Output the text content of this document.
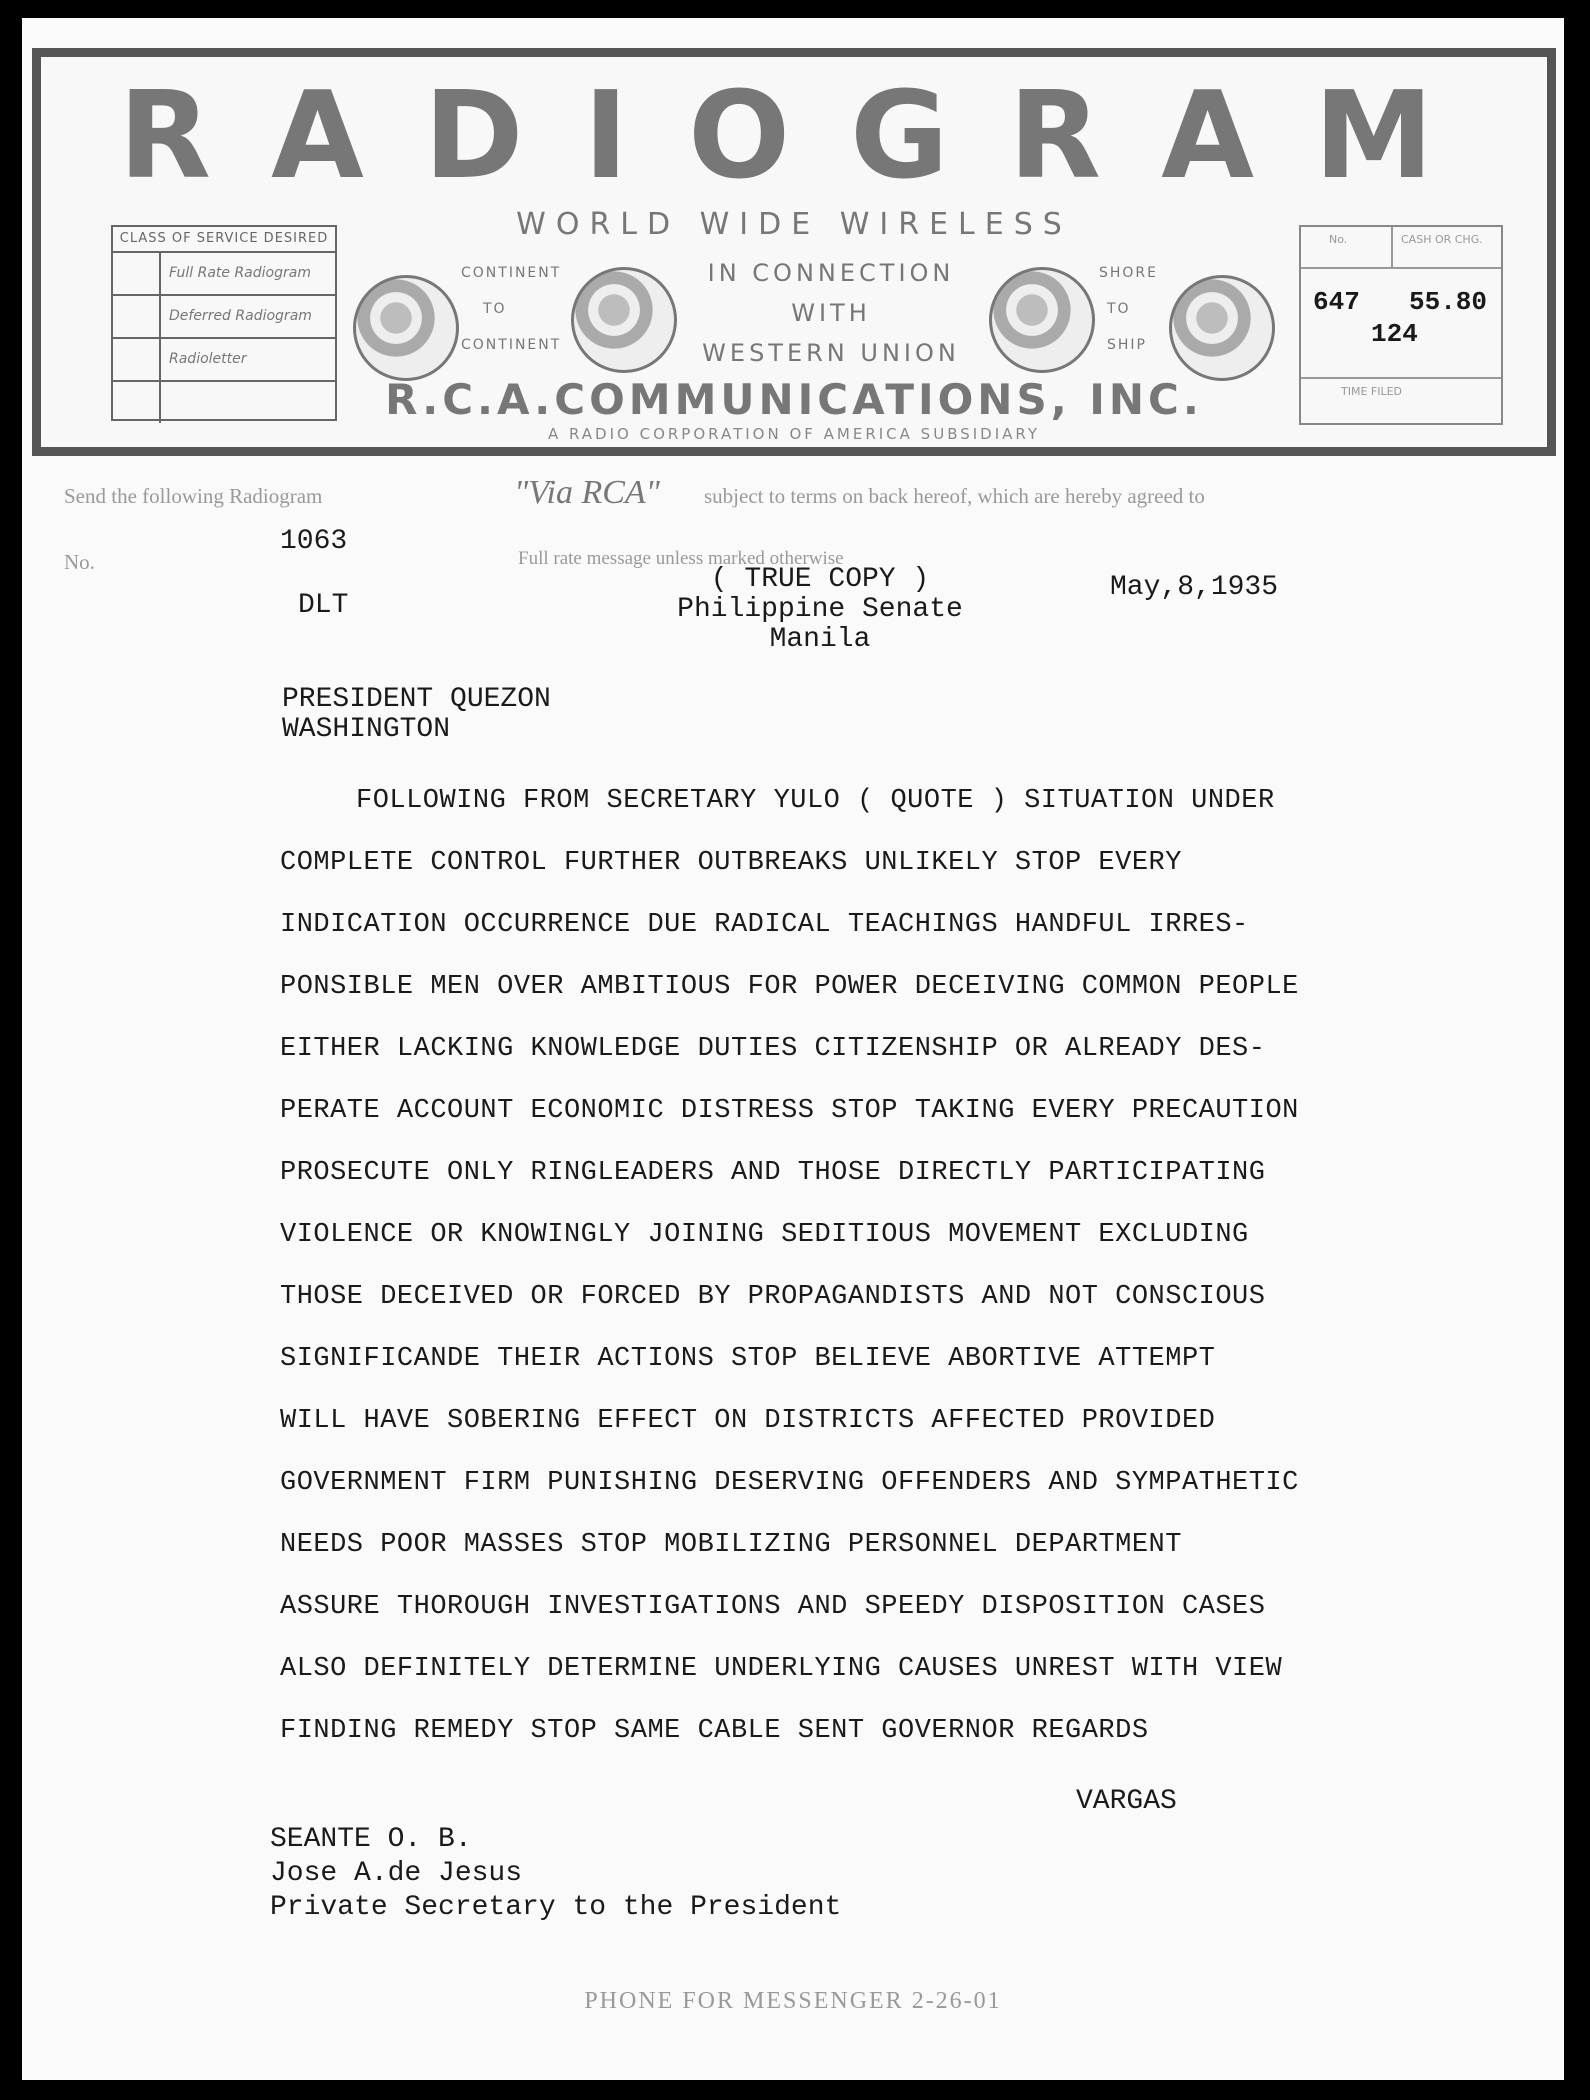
RADIOGRAM
WORLD WIDE WIRELESS
CLASS OF SERVICE DESIRED
Full Rate Radiogram
Deferred Radiogram
Radioletter
CONTINENT
TO
CONTINENT
IN CONNECTION
WITH
WESTERN UNION
SHORE
TO
SHIP
No.	CASH OR CHG.
TIME FILED
647 55.80
124
R.C.A.COMMUNICATIONS, INC.
A RADIO CORPORATION OF AMERICA SUBSIDIARY
Send the following Radiogram	"Via RCA" subject to terms on back hereof, which are hereby agreed to
No.	Full rate message unless marked otherwise
1063
DLT
( TRUE COPY )
Philippine Senate
Manila
May,8,1935
PRESIDENT QUEZON
WASHINGTON
FOLLOWING FROM SECRETARY YULO ( QUOTE ) SITUATION UNDER
COMPLETE CONTROL FURTHER OUTBREAKS UNLIKELY STOP EVERY
INDICATION OCCURRENCE DUE RADICAL TEACHINGS HANDFUL IRRES-
PONSIBLE MEN OVER AMBITIOUS FOR POWER DECEIVING COMMON PEOPLE
EITHER LACKING KNOWLEDGE DUTIES CITIZENSHIP OR ALREADY DES-
PERATE ACCOUNT ECONOMIC DISTRESS STOP TAKING EVERY PRECAUTION
PROSECUTE ONLY RINGLEADERS AND THOSE DIRECTLY PARTICIPATING
VIOLENCE OR KNOWINGLY JOINING SEDITIOUS MOVEMENT EXCLUDING
THOSE DECEIVED OR FORCED BY PROPAGANDISTS AND NOT CONSCIOUS
SIGNIFICANDE THEIR ACTIONS STOP BELIEVE ABORTIVE ATTEMPT
WILL HAVE SOBERING EFFECT ON DISTRICTS AFFECTED PROVIDED
GOVERNMENT FIRM PUNISHING DESERVING OFFENDERS AND SYMPATHETIC
NEEDS POOR MASSES STOP MOBILIZING PERSONNEL DEPARTMENT
ASSURE THOROUGH INVESTIGATIONS AND SPEEDY DISPOSITION CASES
ALSO DEFINITELY DETERMINE UNDERLYING CAUSES UNREST WITH VIEW
FINDING REMEDY STOP SAME CABLE SENT GOVERNOR REGARDS
VARGAS
SEANTE O. B.
Jose A.de Jesus
Private Secretary to the President
PHONE FOR MESSENGER 2-26-01
